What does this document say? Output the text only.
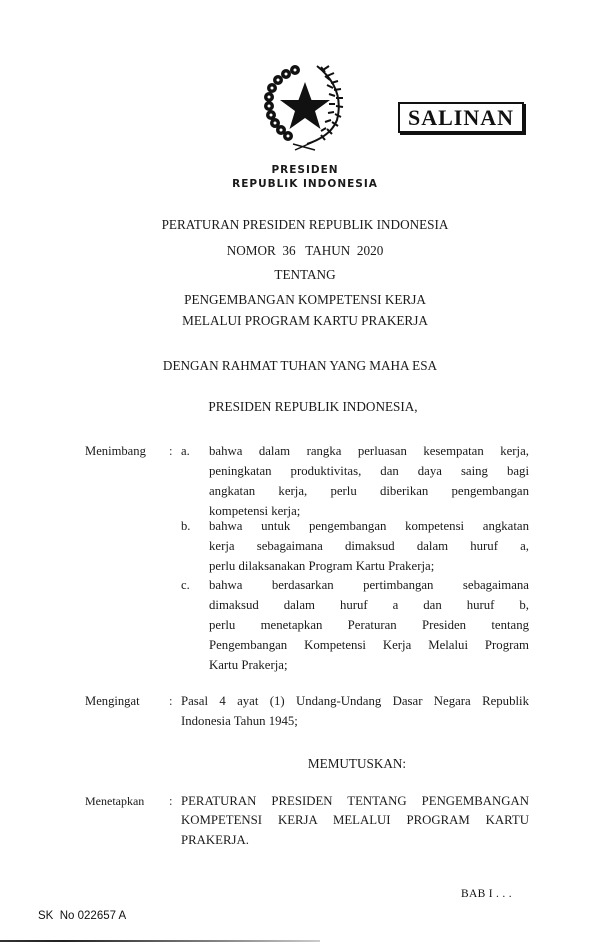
SALINAN
PRESIDEN
REPUBLIK INDONESIA
PERATURAN PRESIDEN REPUBLIK INDONESIA
NOMOR  36   TAHUN  2020
TENTANG
PENGEMBANGAN KOMPETENSI KERJA
MELALUI PROGRAM KARTU PRAKERJA
DENGAN RAHMAT TUHAN YANG MAHA ESA
PRESIDEN REPUBLIK INDONESIA,
Menimbang : a. bahwa dalam rangka perluasan kesempatan kerja,
peningkatan produktivitas, dan daya saing bagi
angkatan kerja, perlu diberikan pengembangan
kompetensi kerja;
b. bahwa untuk pengembangan kompetensi angkatan
kerja sebagaimana dimaksud dalam huruf a,
perlu dilaksanakan Program Kartu Prakerja;
c. bahwa berdasarkan pertimbangan sebagaimana
dimaksud dalam huruf a dan huruf b,
perlu menetapkan Peraturan Presiden tentang
Pengembangan Kompetensi Kerja Melalui Program
Kartu Prakerja;
Mengingat : Pasal 4 ayat (1) Undang-Undang Dasar Negara Republik
Indonesia Tahun 1945;
MEMUTUSKAN:
Menetapkan : PERATURAN PRESIDEN TENTANG PENGEMBANGAN
KOMPETENSI KERJA MELALUI PROGRAM KARTU
PRAKERJA.
BAB I . . .
SK  No 022657 A
